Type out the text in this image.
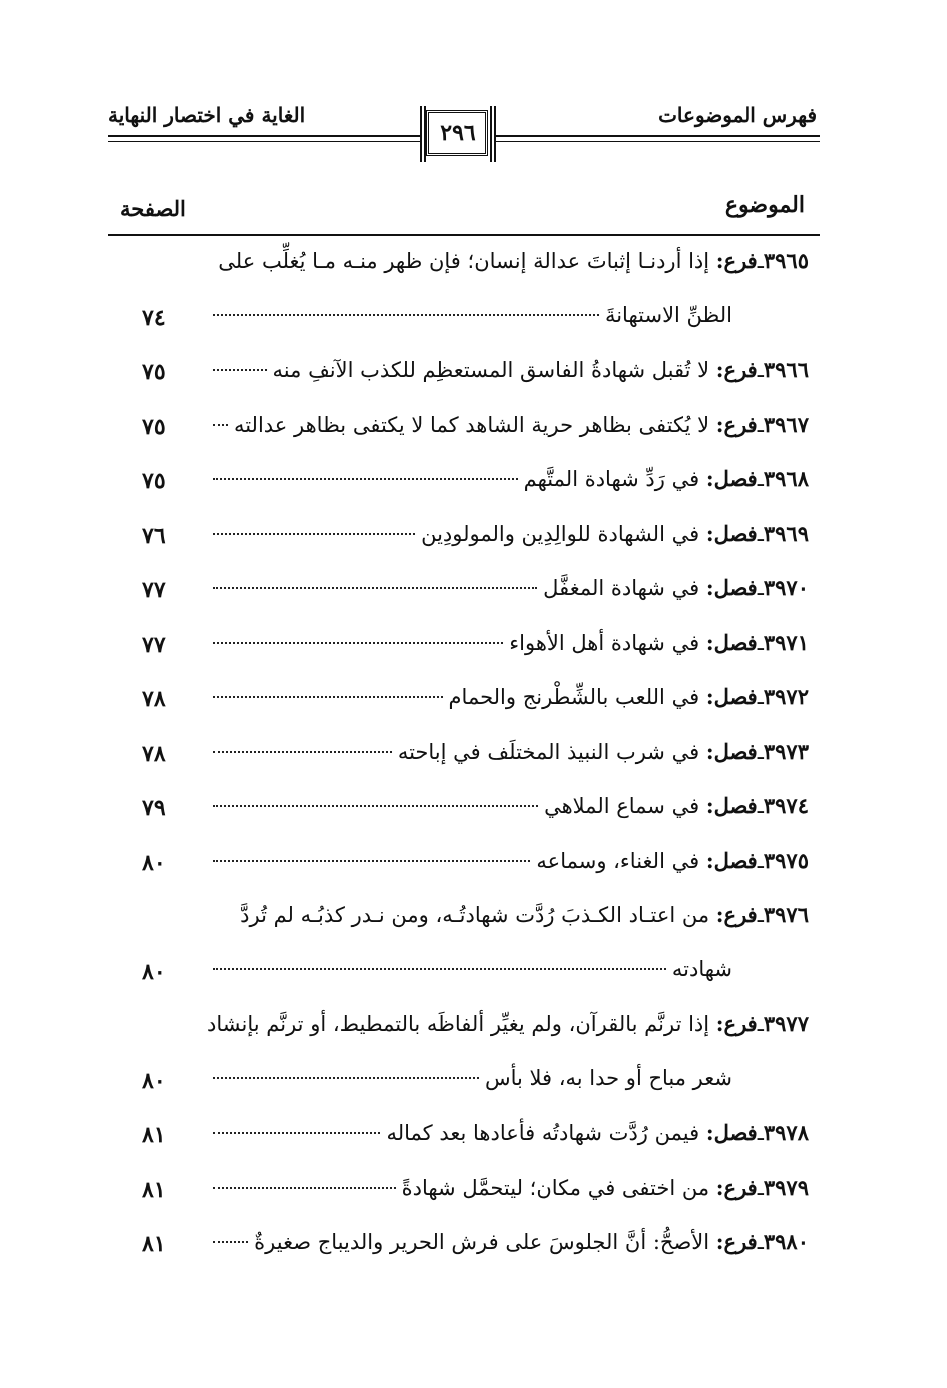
فهرس الموضوعات
الغاية في اختصار النهاية
٢٩٦
الموضوع
الصفحة
٣٩٦٥
ـ
فرع:

إذا أردنـا إثباتَ عدالة إنسان؛ فإن ظهر منـه مـا يُغلِّب على
الظنِّ الاستهانةَ
٧٤
٣٩٦٦
ـ
فرع:

لا تُقبل شهادةُ الفاسق المستعظِم للكذب الآنفِ منه
٧٥
٣٩٦٧
ـ
فرع:

لا يُكتفى بظاهر حرية الشاهد كما لا يكتفى بظاهر عدالته
٧٥
٣٩٦٨
ـ
فصل:

في رَدِّ شهادة المتَّهم
٧٥
٣٩٦٩
ـ
فصل:

في الشهادة للوالِدِين والمولودِين
٧٦
٣٩٧٠
ـ
فصل:

في شهادة المغفَّل
٧٧
٣٩٧١
ـ
فصل:

في شهادة أهل الأهواء
٧٧
٣٩٧٢
ـ
فصل:

في اللعب بالشِّطْرنج والحمام
٧٨
٣٩٧٣
ـ
فصل:

في شرب النبيذ المختلَف في إباحته
٧٨
٣٩٧٤
ـ
فصل:

في سماع الملاهي
٧٩
٣٩٧٥
ـ
فصل:

في الغناء، وسماعه
٨٠
٣٩٧٦
ـ
فرع:

من اعتـاد الكـذبَ رُدَّت شهادتُـه، ومن نـدر كذبُـه لم تُردَّ
شهادته
٨٠
٣٩٧٧
ـ
فرع:

إذا ترنَّم بالقرآن، ولم يغيِّر ألفاظَه بالتمطيط، أو ترنَّم بإنشاد
شعر مباح أو حدا به، فلا بأس
٨٠
٣٩٧٨
ـ
فصل:

فيمن رُدَّت شهادتُه فأعادها بعد كماله
٨١
٣٩٧٩
ـ
فرع:

من اختفى في مكان؛ ليتحمَّل شهادةً
٨١
٣٩٨٠
ـ
فرع:

الأصحُّ: أنَّ الجلوسَ على فرش الحرير والديباج صغيرةٌ
٨١
